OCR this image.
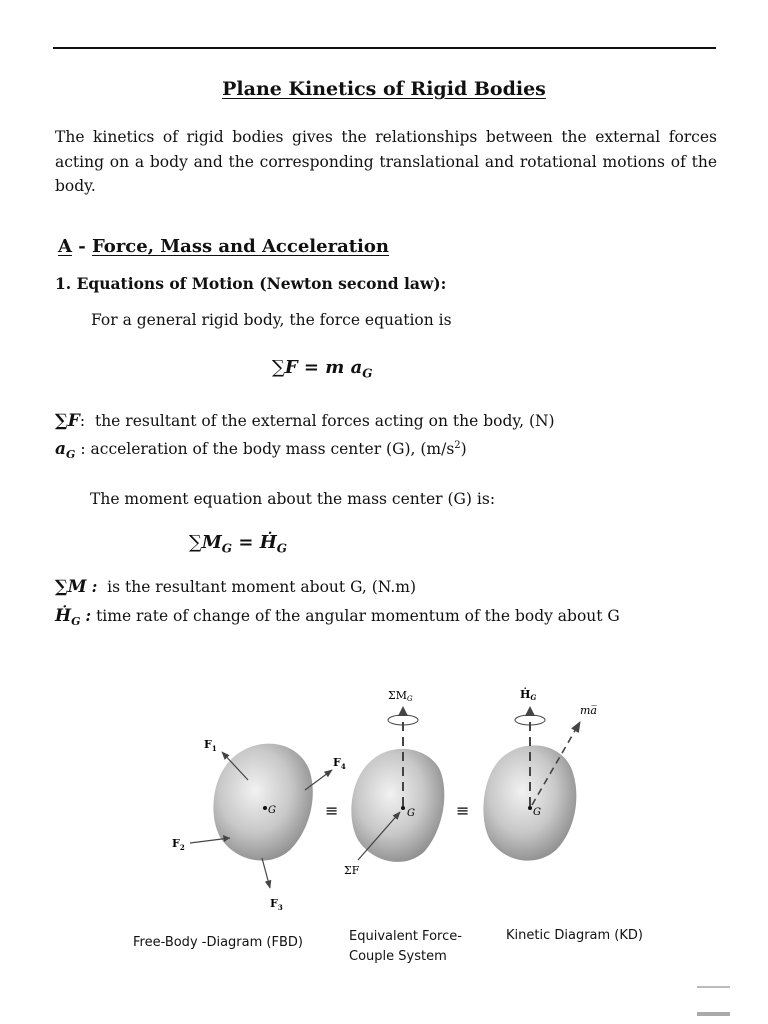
Plane Kinetics of Rigid Bodies
The kinetics of rigid bodies gives the relationships between the external forces acting on a body and the corresponding translational and rotational motions of the body.
A - Force, Mass and Acceleration
1. Equations of Motion (Newton second law):
For a general rigid body, the force equation is
∑F = m $a_G$
∑F: the resultant of the external forces acting on the body, (N)
$a_G$ : acceleration of the body mass center (G), $(m/s^2)$
The moment equation about the mass center (G) is:
$\sum M_G$ = Ḣ$_G$
∑M : is the resultant moment about G, (N.m)
Ḣ$_G$ : time rate of change of the angular momentum of the body about G
G
$F_1$
$F_4$
$F_2$
$F_3$
≡	G
ΣMG
ΣF
≡	G
ḢG
ma̅
Free-Body -Diagram (FBD)	Equivalent Force-
Couple System
Kinetic Diagram (KD)
